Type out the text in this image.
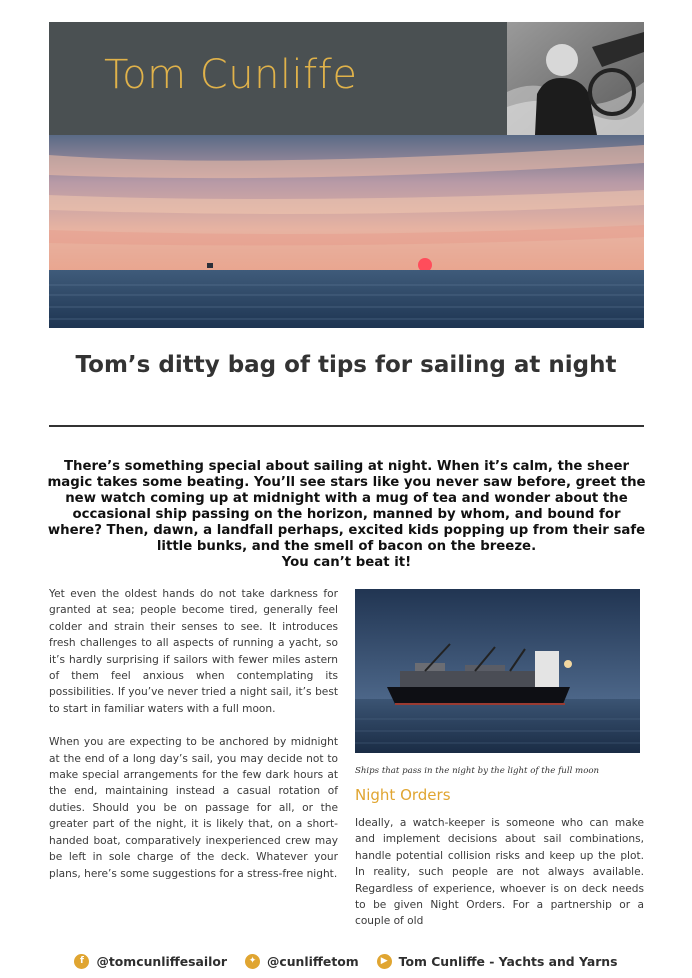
Tom Cunliffe
Tom’s ditty bag of tips for sailing at night
There’s something special about sailing at night. When it’s calm, the sheer magic takes some beating. You’ll see stars like you never saw before, greet the new watch coming up at midnight with a mug of tea and wonder about the occasional ship passing on the horizon, manned by whom, and bound for where? Then, dawn, a landfall perhaps, excited kids popping up from their safe little bunks, and the smell of bacon on the breeze.
You can’t beat it!

Yet even the oldest hands do not take darkness for granted at sea; people become tired, generally feel colder and strain their senses to see. It introduces fresh challenges to all aspects of running a yacht, so it’s hardly surprising if sailors with fewer miles astern of them feel anxious when contemplating its possibilities. If you’ve never tried a night sail, it’s best to start in familiar waters with a full moon.

When you are expecting to be anchored by midnight at the end of a long day’s sail, you may decide not to make special arrangements for the few dark hours at the end, maintaining instead a casual rotation of duties. Should you be on passage for all, or the greater part of the night, it is likely that, on a short-handed boat, comparatively inexperienced crew may be left in sole charge of the deck. Whatever your plans, here’s some suggestions for a stress-free night.

Ships that pass in the night by the light of the full moon
Night Orders

Ideally, a watch-keeper is someone who can make and implement decisions about sail combinations, handle potential collision risks and keep up the plot. In reality, such people are not always available. Regardless of experience, whoever is on deck needs to be given Night Orders. For a partnership or a couple of old

f	@tomcunliffesailor	✦ @cunliffetom	▶ Tom Cunliffe - Yachts and Yarns
